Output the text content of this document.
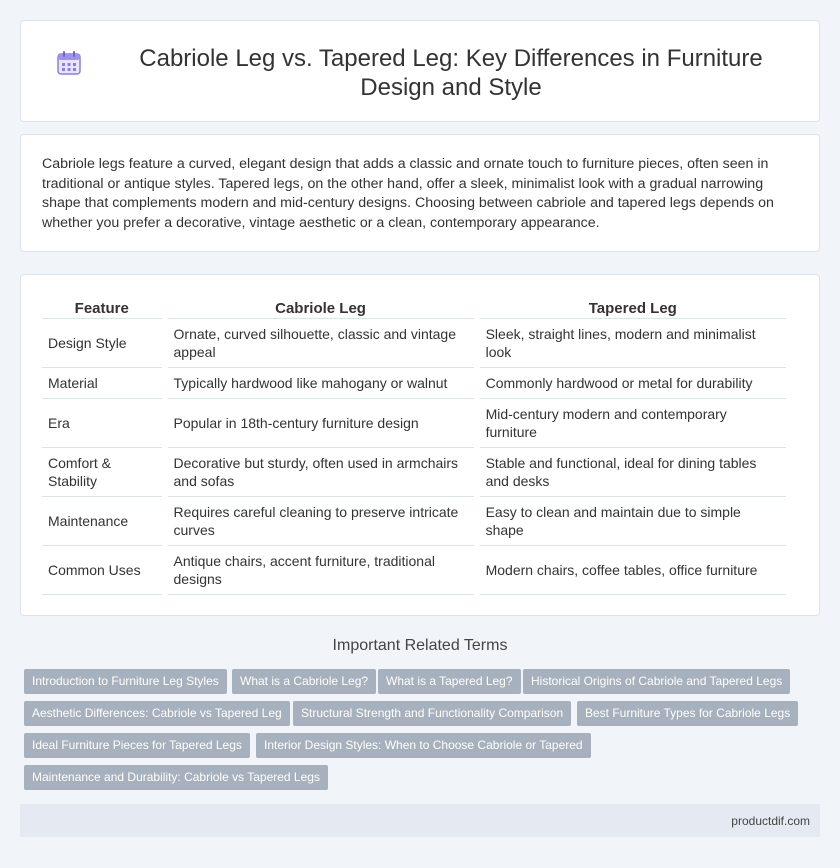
Cabriole Leg vs. Tapered Leg: Key Differences in Furniture Design and Style

Cabriole legs feature a curved, elegant design that adds a classic and ornate touch to furniture pieces, often seen in traditional or antique styles. Tapered legs, on the other hand, offer a sleek, minimalist look with a gradual narrowing shape that complements modern and mid-century designs. Choosing between cabriole and tapered legs depends on whether you prefer a decorative, vintage aesthetic or a clean, contemporary appearance.

Feature	Cabriole Leg	Tapered Leg
Design Style	Ornate, curved silhouette, classic and vintage appeal	Sleek, straight lines, modern and minimalist look
Material	Typically hardwood like mahogany or walnut	Commonly hardwood or metal for durability
Era	Popular in 18th-century furniture design	Mid-century modern and contemporary furniture
Comfort & Stability	Decorative but sturdy, often used in armchairs and sofas	Stable and functional, ideal for dining tables and desks
Maintenance	Requires careful cleaning to preserve intricate curves	Easy to clean and maintain due to simple shape
Common Uses	Antique chairs, accent furniture, traditional designs	Modern chairs, coffee tables, office furniture
Important Related Terms
Introduction to Furniture Leg Styles	What is a Cabriole Leg?	What is a Tapered Leg?	Historical Origins of Cabriole and Tapered Legs
Aesthetic Differences: Cabriole vs Tapered Leg	Structural Strength and Functionality Comparison	Best Furniture Types for Cabriole Legs
Ideal Furniture Pieces for Tapered Legs	Interior Design Styles: When to Choose Cabriole or Tapered
Maintenance and Durability: Cabriole vs Tapered Legs
productdif.com
